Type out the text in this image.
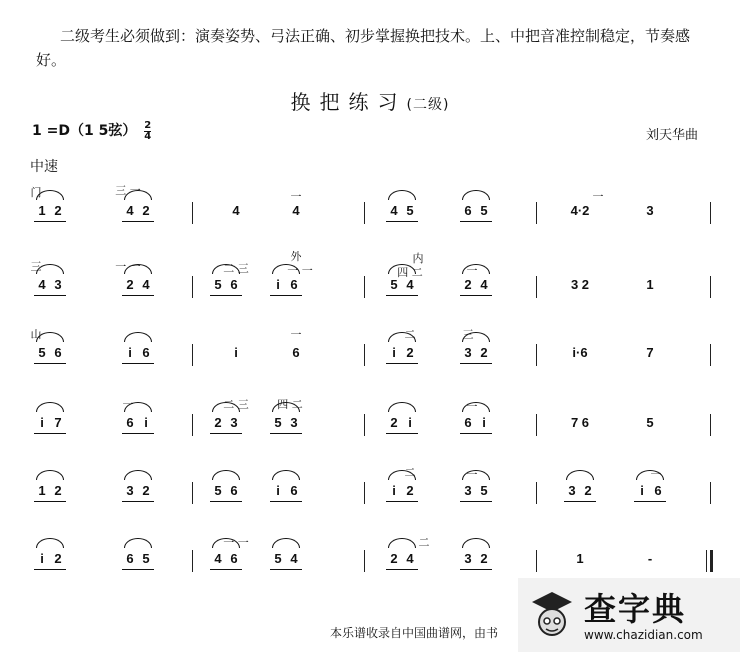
二级考生必须做到：演奏姿势、弓法正确、初步掌握换把技术。上、中把音准控制稳定，节奏感好。
换把练习(二级)
1 =D（1 5弦） $\frac{2}{4}$	刘天华曲
中速
1 2	4 2	4	4	4 5	6 5	4·2	3
4 3	2 4	5 6	i 6	5 4	2 4	3 2	1
5 6	i 6	i	6	i 2	3 2	i·6	7
i 7	6 i	2 3	5 3	2 i	6 i	7 6	5
1 2	3 2	5 6	i 6	i 2	3 5	3 2	i 6
i 2	6 5	4 6	5 4	2 4	3 2	1	-
门	三 一	一	一
三	一 一	二 三
外
一 一
内
四 二	一
山	一	二	三
一	二 三	四 二	一
二	一	一
一 一	二
本乐谱收录自中国曲谱网，由书
查字典
www.chazidian.com
